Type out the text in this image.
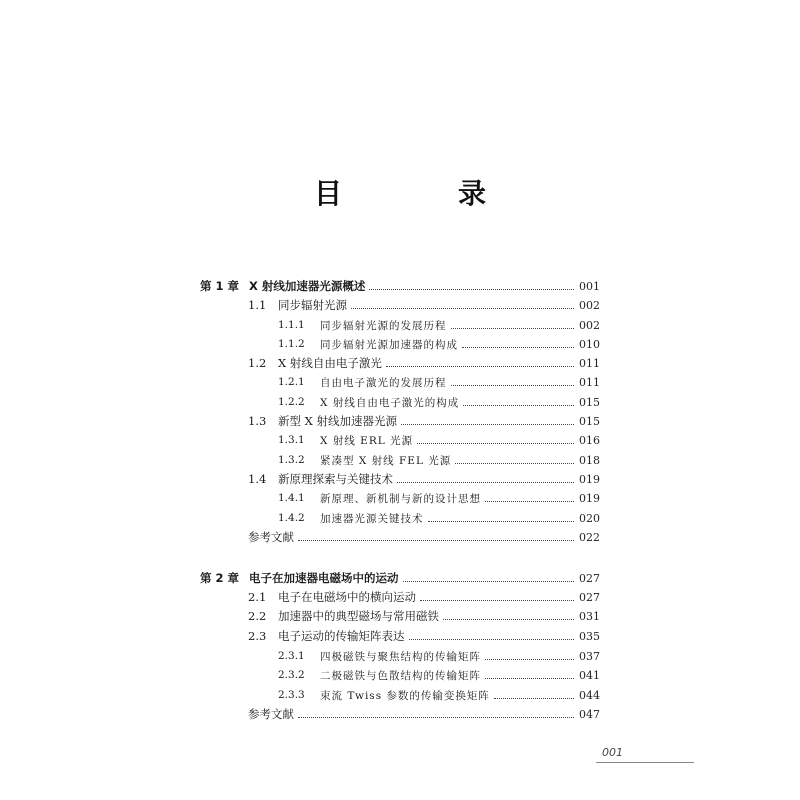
目　录
第 1 章 X 射线加速器光源概述	001
1.1	同步辐射光源	002
1.1.1	同步辐射光源的发展历程	002
1.1.2	同步辐射光源加速器的构成	010
1.2	X 射线自由电子激光	011
1.2.1	自由电子激光的发展历程	011
1.2.2	X 射线自由电子激光的构成	015
1.3	新型 X 射线加速器光源	015
1.3.1	X 射线 ERL 光源	016
1.3.2	紧凑型 X 射线 FEL 光源	018
1.4	新原理探索与关键技术	019
1.4.1	新原理、新机制与新的设计思想	019
1.4.2	加速器光源关键技术	020
参考文献	022
第 2 章 电子在加速器电磁场中的运动	027
2.1	电子在电磁场中的横向运动	027
2.2	加速器中的典型磁场与常用磁铁	031
2.3	电子运动的传输矩阵表达	035
2.3.1	四极磁铁与聚焦结构的传输矩阵	037
2.3.2	二极磁铁与色散结构的传输矩阵	041
2.3.3	束流 Twiss 参数的传输变换矩阵	044
参考文献	047
001
